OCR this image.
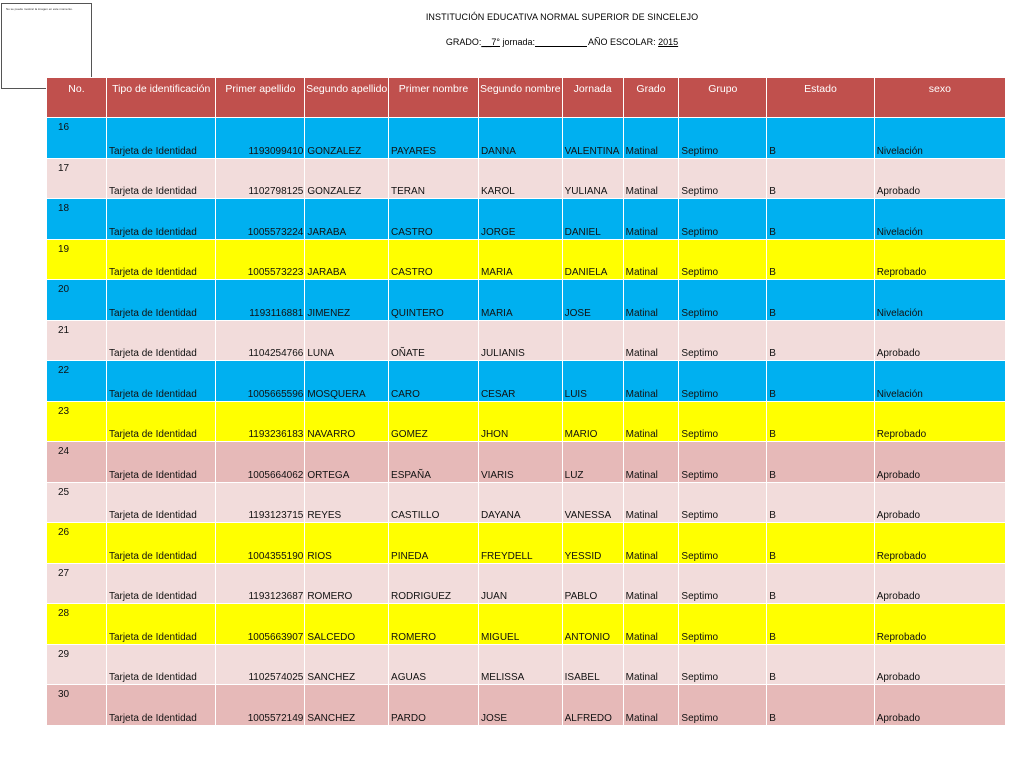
No se puede mostrar la imagen en este momento.
INSTITUCIÓN EDUCATIVA NORMAL SUPERIOR DE SINCELEJO
GRADO:__7° jornada:	AÑO ESCOLAR: 2015
No.	Tipo de identificación	Primer apellido	Segundo apellido	Primer nombre	Segundo nombre	Jornada	Grado	Grupo	Estado	sexo
16	Tarjeta de Identidad	1193099410	GONZALEZ	PAYARES	DANNA	VALENTINA	Matinal	Septimo	B	Nivelación
17	Tarjeta de Identidad	1102798125	GONZALEZ	TERAN	KAROL	YULIANA	Matinal	Septimo	B	Aprobado
18	Tarjeta de Identidad	1005573224	JARABA	CASTRO	JORGE	DANIEL	Matinal	Septimo	B	Nivelación
19	Tarjeta de Identidad	1005573223	JARABA	CASTRO	MARIA	DANIELA	Matinal	Septimo	B	Reprobado
20	Tarjeta de Identidad	1193116881	JIMENEZ	QUINTERO	MARIA	JOSE	Matinal	Septimo	B	Nivelación
21	Tarjeta de Identidad	1104254766	LUNA	OÑATE	JULIANIS		Matinal	Septimo	B	Aprobado
22	Tarjeta de Identidad	1005665596	MOSQUERA	CARO	CESAR	LUIS	Matinal	Septimo	B	Nivelación
23	Tarjeta de Identidad	1193236183	NAVARRO	GOMEZ	JHON	MARIO	Matinal	Septimo	B	Reprobado
24	Tarjeta de Identidad	1005664062	ORTEGA	ESPAÑA	VIARIS	LUZ	Matinal	Septimo	B	Aprobado
25	Tarjeta de Identidad	1193123715	REYES	CASTILLO	DAYANA	VANESSA	Matinal	Septimo	B	Aprobado
26	Tarjeta de Identidad	1004355190	RIOS	PINEDA	FREYDELL	YESSID	Matinal	Septimo	B	Reprobado
27	Tarjeta de Identidad	1193123687	ROMERO	RODRIGUEZ	JUAN	PABLO	Matinal	Septimo	B	Aprobado
28	Tarjeta de Identidad	1005663907	SALCEDO	ROMERO	MIGUEL	ANTONIO	Matinal	Septimo	B	Reprobado
29	Tarjeta de Identidad	1102574025	SANCHEZ	AGUAS	MELISSA	ISABEL	Matinal	Septimo	B	Aprobado
30	Tarjeta de Identidad	1005572149	SANCHEZ	PARDO	JOSE	ALFREDO	Matinal	Septimo	B	Aprobado
